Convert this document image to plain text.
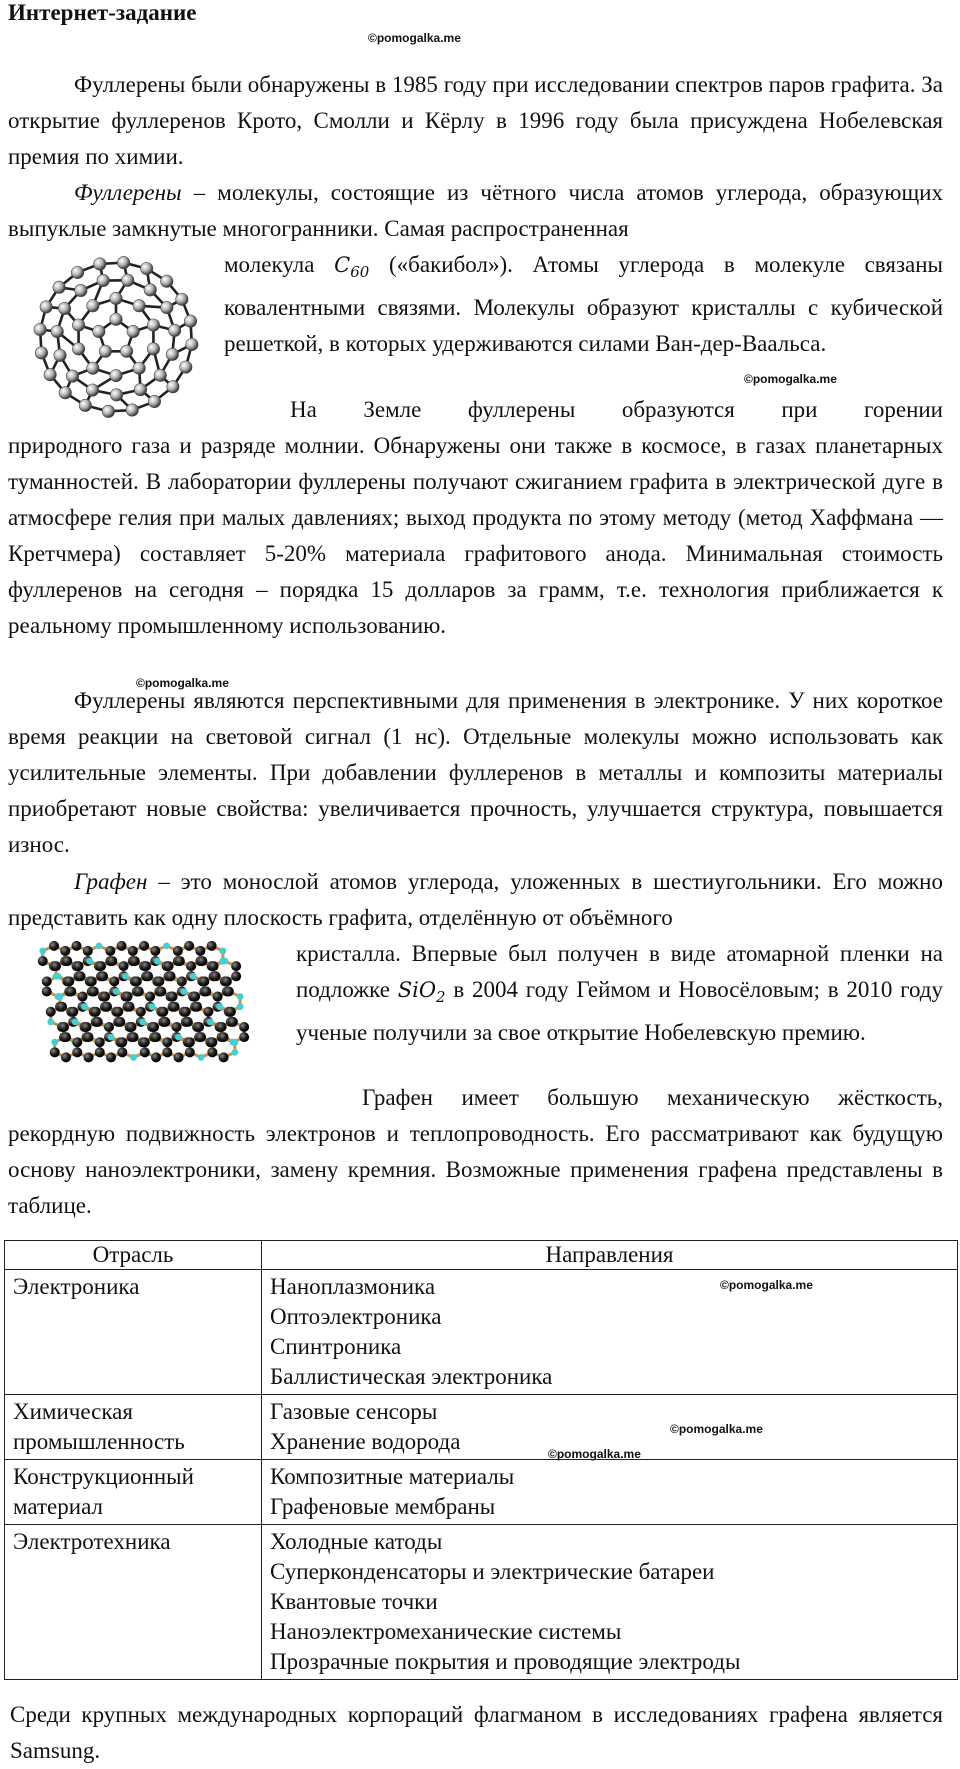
Интернет-задание
©pomogalka.me
©pomogalka.me
©pomogalka.me
©pomogalka.me
©pomogalka.me
©pomogalka.me

Фуллерены были обнаружены в 1985 году при исследовании спектров паров графита. За открытие фуллеренов Крото, Смолли и Кёрлу в 1996 году была присуждена Нобелевская премия по химии.

Фуллерены – молекулы, состоящие из чётного числа атомов углерода, образующих выпуклые замкнутые многогранники. Самая распространенная

молекула $C_{60}$ («бакибол»). Атомы углерода в молекуле связаны ковалентными связями. Молекулы образуют кристаллы с кубической решеткой, в которых удерживаются силами Ван-дер-Ваальса.

На Земле фуллерены образуются при горении

природного газа и разряде молнии. Обнаружены они также в космосе, в газах планетарных туманностей. В лаборатории фуллерены получают сжиганием графита в электрической дуге в атмосфере гелия при малых давлениях; выход продукта по этому методу (метод Хаффмана — Кретчмера) составляет 5-20% материала графитового анода. Минимальная стоимость фуллеренов на сегодня – порядка 15 долларов за грамм, т.е. технология приближается к реальному промышленному использованию.

Фуллерены являются перспективными для применения в электронике. У них короткое время реакции на световой сигнал (1 нс). Отдельные молекулы можно использовать как усилительные элементы. При добавлении фуллеренов в металлы и композиты материалы приобретают новые свойства: увеличивается прочность, улучшается структура, повышается износ.

Графен – это монослой атомов углерода, уложенных в шестиугольники. Его можно представить как одну плоскость графита, отделённую от объёмного

кристалла. Впервые был получен в виде атомарной пленки на подложке SiO$_2$ в 2004 году Геймом и Новосёловым; в 2010 году ученые получили за свое открытие Нобелевскую премию.

Графен имеет большую механическую жёсткость,

рекордную подвижность электронов и теплопроводность. Его рассматривают как будущую основу наноэлектроники, замену кремния. Возможные применения графена представлены в таблице.

Отрасль	Направления
Электроника	Наноплазмоника
Оптоэлектроника
Спинтроника
Баллистическая электроника

Химическая промышленность	Газовые сенсоры
Хранение водорода

Конструкционный материал	Композитные материалы
Графеновые мембраны

Электротехника	Холодные катоды
Суперконденсаторы и электрические батареи
Квантовые точки
Наноэлектромеханические системы
Прозрачные покрытия и проводящие электроды

Среди крупных международных корпораций флагманом в исследованиях графена является Samsung.
